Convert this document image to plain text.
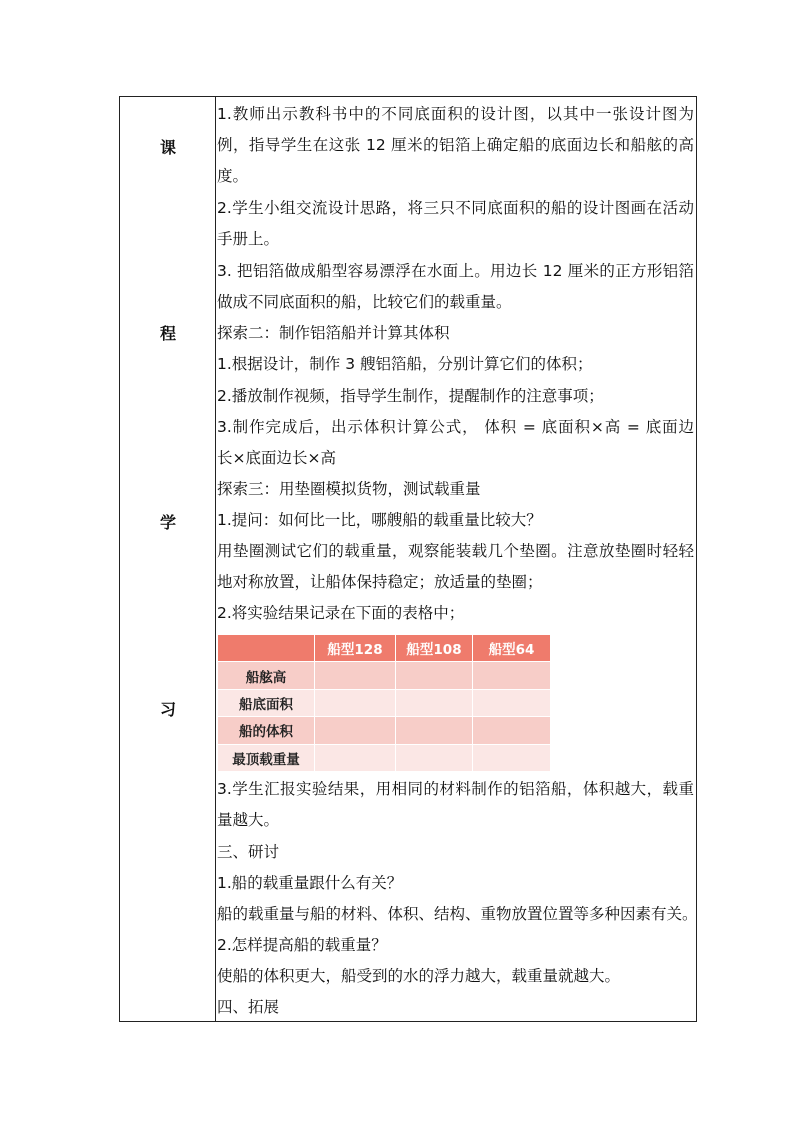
课
程
学
习
1.教师出示教科书中的不同底面积的设计图，以其中一张设计图为
例，指导学生在这张 12 厘米的铝箔上确定船的底面边长和船舷的高
度。
2.学生小组交流设计思路，将三只不同底面积的船的设计图画在活动
手册上。
3. 把铝箔做成船型容易漂浮在水面上。用边长 12 厘米的正方形铝箔
做成不同底面积的船，比较它们的载重量。
探索二：制作铝箔船并计算其体积
1.根据设计，制作 3 艘铝箔船，分别计算它们的体积；
2.播放制作视频，指导学生制作，提醒制作的注意事项；
3.制作完成后，出示体积计算公式， 体积 = 底面积×高 = 底面边
长×底面边长×高
探索三：用垫圈模拟货物，测试载重量
1.提问：如何比一比，哪艘船的载重量比较大？
用垫圈测试它们的载重量，观察能装载几个垫圈。注意放垫圈时轻轻
地对称放置，让船体保持稳定；放适量的垫圈；
2.将实验结果记录在下面的表格中；
	船型128	船型108	船型64
船舷高			
船底面积			
船的体积			
最顶载重量			
3.学生汇报实验结果，用相同的材料制作的铝箔船，体积越大，载重
量越大。
三、研讨
1.船的载重量跟什么有关？
船的载重量与船的材料、体积、结构、重物放置位置等多种因素有关。
2.怎样提高船的载重量？
使船的体积更大，船受到的水的浮力越大，载重量就越大。
四、拓展
